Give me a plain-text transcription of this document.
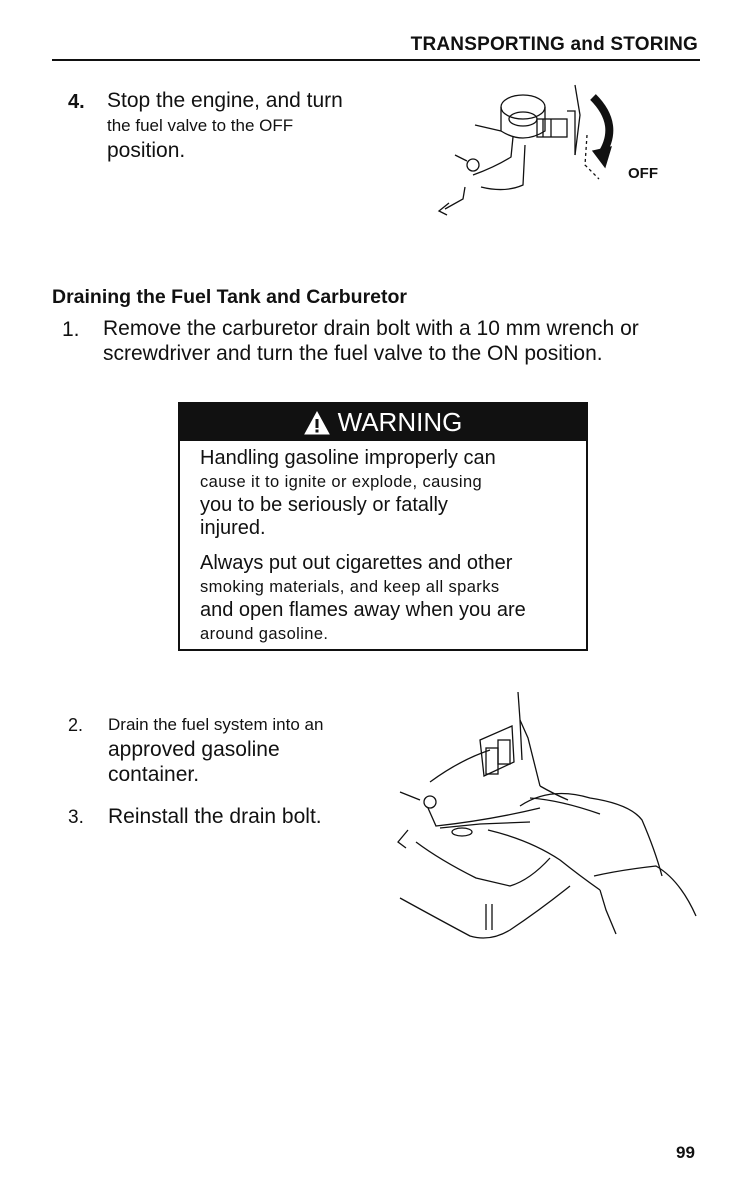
TRANSPORTING and STORING
4. Stop the engine, and turn
the fuel valve to the OFF
position.
OFF
Draining the Fuel Tank and Carburetor
1. Remove the carburetor drain bolt with a 10 mm wrench or
screwdriver and turn the fuel valve to the ON position.
WARNING

Handling gasoline improperly can
cause it to ignite or explode, causing
you to be seriously or fatally
injured.

Always put out cigarettes and other
smoking materials, and keep all sparks
and open flames away when you are
around gasoline.

2. Drain the fuel system into an
approved gasoline
container.
3. Reinstall the drain bolt.
99
